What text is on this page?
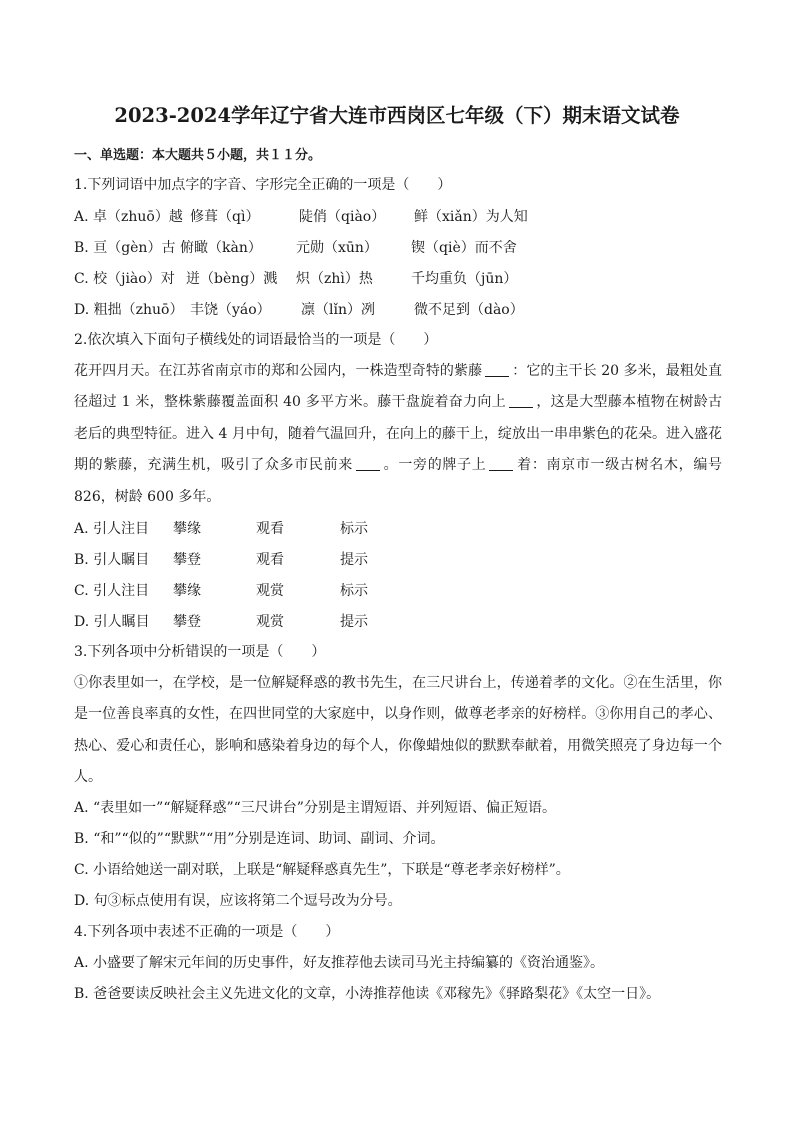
2023-2024学年辽宁省大连市西岗区七年级（下）期末语文试卷
一、单选题：本大题共５小题，共１１分。
1.下列词语中加点字的字音、字形完全正确的一项是（　　）
A. 卓（zhuō）越 修葺（qì）	陡俏（qiào） 鲜（xiǎn）为人知
B. 亘（gèn）古 俯瞰（kàn） 元勋（xūn） 锲（qiè）而不舍
C. 校（jiào）对 迸（bèng）溅 炽（zhì）热	千均重负（jūn）
D. 粗拙（zhuō） 丰饶（yáo） 凛（lǐn）冽	微不足到（dào）
2.依次填入下面句子横线处的词语最恰当的一项是（　　）
花开四月天。在江苏省南京市的郑和公园内，一株造型奇特的紫藤 ：它的主干长 20 多米，最粗处直径超过 1 米，整株紫藤覆盖面积 40 多平方米。藤干盘旋着奋力向上 ，这是大型藤本植物在树龄古老后的典型特征。进入 4 月中旬，随着气温回升，在向上的藤干上，绽放出一串串紫色的花朵。进入盛花期的紫藤，充满生机，吸引了众多市民前来 。一旁的牌子上 着：南京市一级古树名木，编号 826，树龄 600 多年。
A. 引人注目 攀缘	观看	标示
B. 引人瞩目 攀登	观看	提示
C. 引人注目 攀缘	观赏	标示
D. 引人瞩目 攀登	观赏	提示
3.下列各项中分析错误的一项是（　　）
①你表里如一，在学校，是一位解疑释惑的教书先生，在三尺讲台上，传递着孝的文化。②在生活里，你是一位善良率真的女性，在四世同堂的大家庭中，以身作则，做尊老孝亲的好榜样。③你用自己的孝心、热心、爱心和责任心，影响和感染着身边的每个人，你像蜡烛似的默默奉献着，用微笑照亮了身边每一个人。
A. “表里如一”“解疑释惑”“三尺讲台”分别是主谓短语、并列短语、偏正短语。
B. “和”“似的”“默默”“用”分别是连词、助词、副词、介词。
C. 小语给她送一副对联，上联是“解疑释惑真先生”，下联是“尊老孝亲好榜样”。
D. 句③标点使用有误，应该将第二个逗号改为分号。
4.下列各项中表述不正确的一项是（　　）
A. 小盛要了解宋元年间的历史事件，好友推荐他去读司马光主持编纂的《资治通鉴》。
B. 爸爸要读反映社会主义先进文化的文章，小涛推荐他读《邓稼先》《驿路梨花》《太空一日》。
